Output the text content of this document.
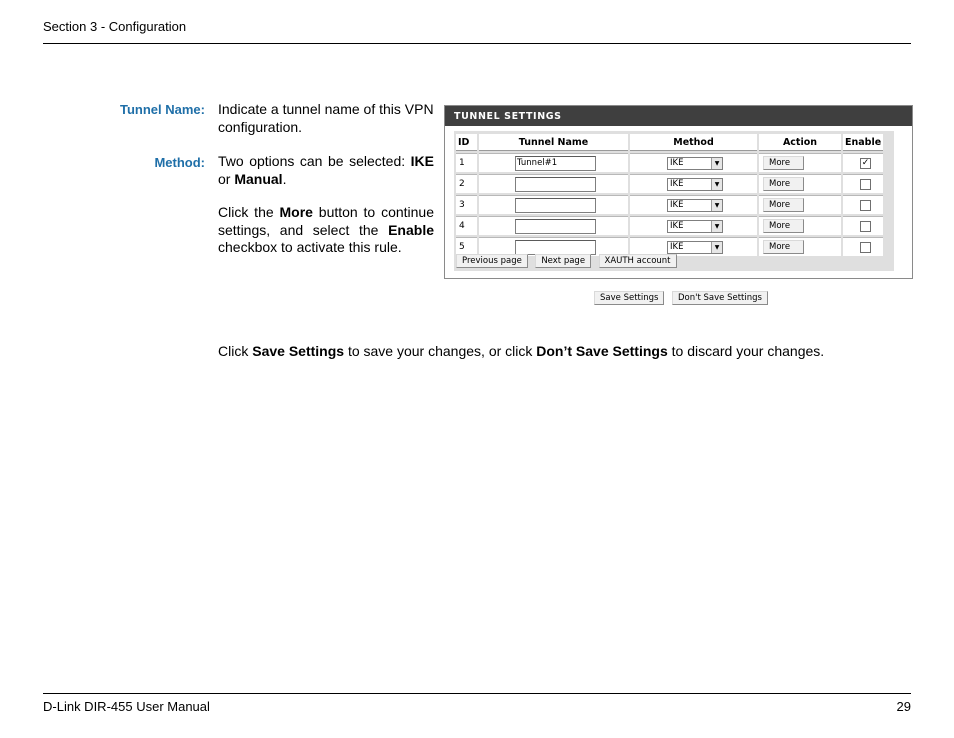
Section 3 - Configuration
Tunnel Name: Indicate a tunnel name of this VPN configuration.
Method: Two options can be selected: IKE or Manual.
Click the More button to continue settings, and select the Enable checkbox to activate this rule.
TUNNEL SETTINGS
ID	Tunnel Name	Method	Action	Enable
1	Tunnel#1	IKE ▼	More	✓
2		IKE ▼	More	
3		IKE ▼	More	
4		IKE ▼	More	
5		IKE ▼	More	
Previous page Next page XAUTH account
Save Settings	Don't Save Settings
Click Save Settings to save your changes, or click Don’t Save Settings to discard your changes.
D-Link DIR-455 User Manual	29
